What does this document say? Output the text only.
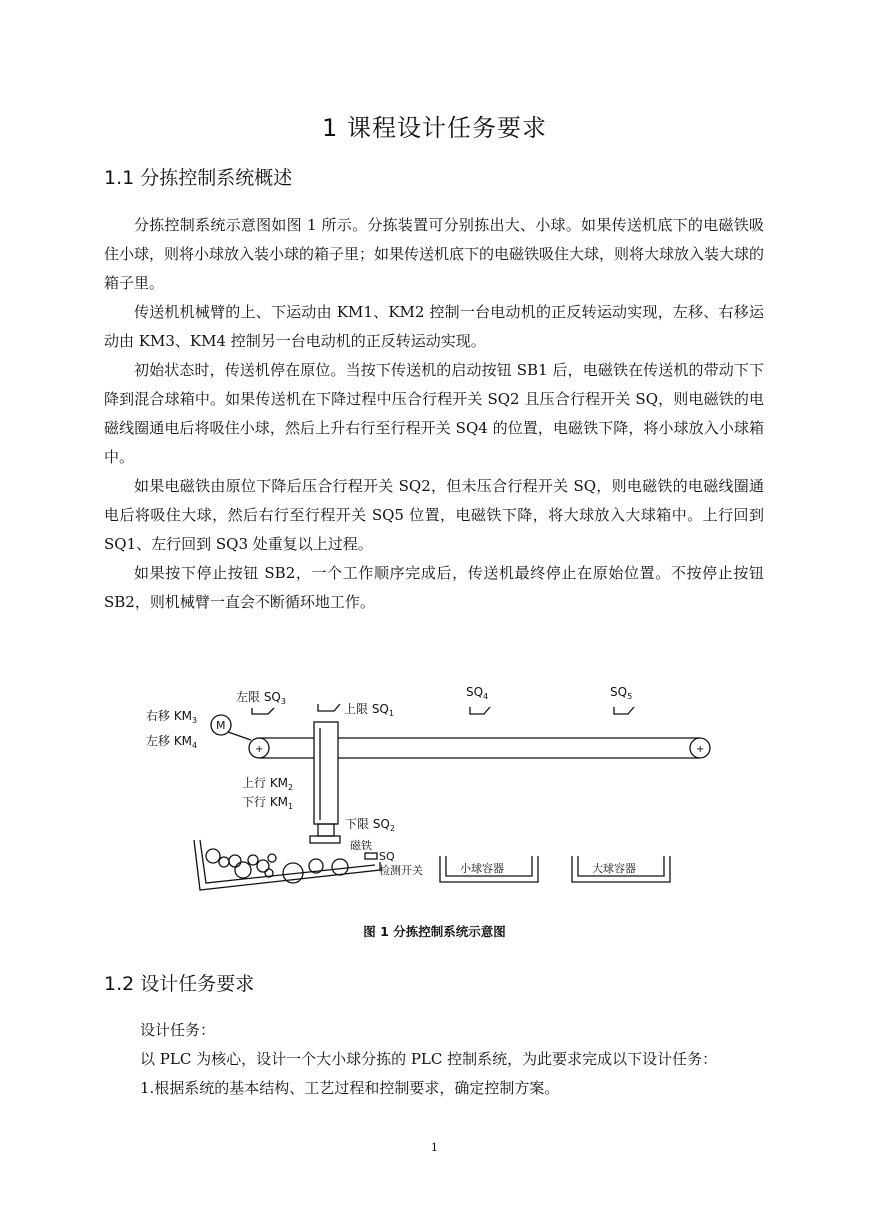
1 课程设计任务要求
1.1 分拣控制系统概述

分拣控制系统示意图如图 1 所示。分拣装置可分别拣出大、小球。如果传送机底下的电磁铁吸住小球，则将小球放入装小球的箱子里；如果传送机底下的电磁铁吸住大球，则将大球放入装大球的箱子里。

传送机机械臂的上、下运动由 KM1、KM2 控制一台电动机的正反转运动实现，左移、右移运动由 KM3、KM4 控制另一台电动机的正反转运动实现。

初始状态时，传送机停在原位。当按下传送机的启动按钮 SB1 后，电磁铁在传送机的带动下下降到混合球箱中。如果传送机在下降过程中压合行程开关 SQ2 且压合行程开关 SQ，则电磁铁的电磁线圈通电后将吸住小球，然后上升右行至行程开关 SQ4 的位置，电磁铁下降，将小球放入小球箱中。

如果电磁铁由原位下降后压合行程开关 SQ2，但未压合行程开关 SQ，则电磁铁的电磁线圈通电后将吸住大球，然后右行至行程开关 SQ5 位置，电磁铁下降，将大球放入大球箱中。上行回到 SQ1、左行回到 SQ3 处重复以上过程。

如果按下停止按钮 SB2，一个工作顺序完成后，传送机最终停止在原始位置。不按停止按钮 SB2，则机械臂一直会不断循环地工作。

左限 $SQ_3$
上限 $SQ_1$
$SQ_4$	$SQ_5$
右移 $KM_3$
左移 $KM_4$
M
+	+
上行 $KM_2$
下行 $KM_1$
下限 $SQ_2$
磁铁
SQ
检测开关	小球容器	大球容器
图 1 分拣控制系统示意图
1.2 设计任务要求

设计任务：

以 PLC 为核心，设计一个大小球分拣的 PLC 控制系统，为此要求完成以下设计任务：

1.根据系统的基本结构、工艺过程和控制要求，确定控制方案。

1
